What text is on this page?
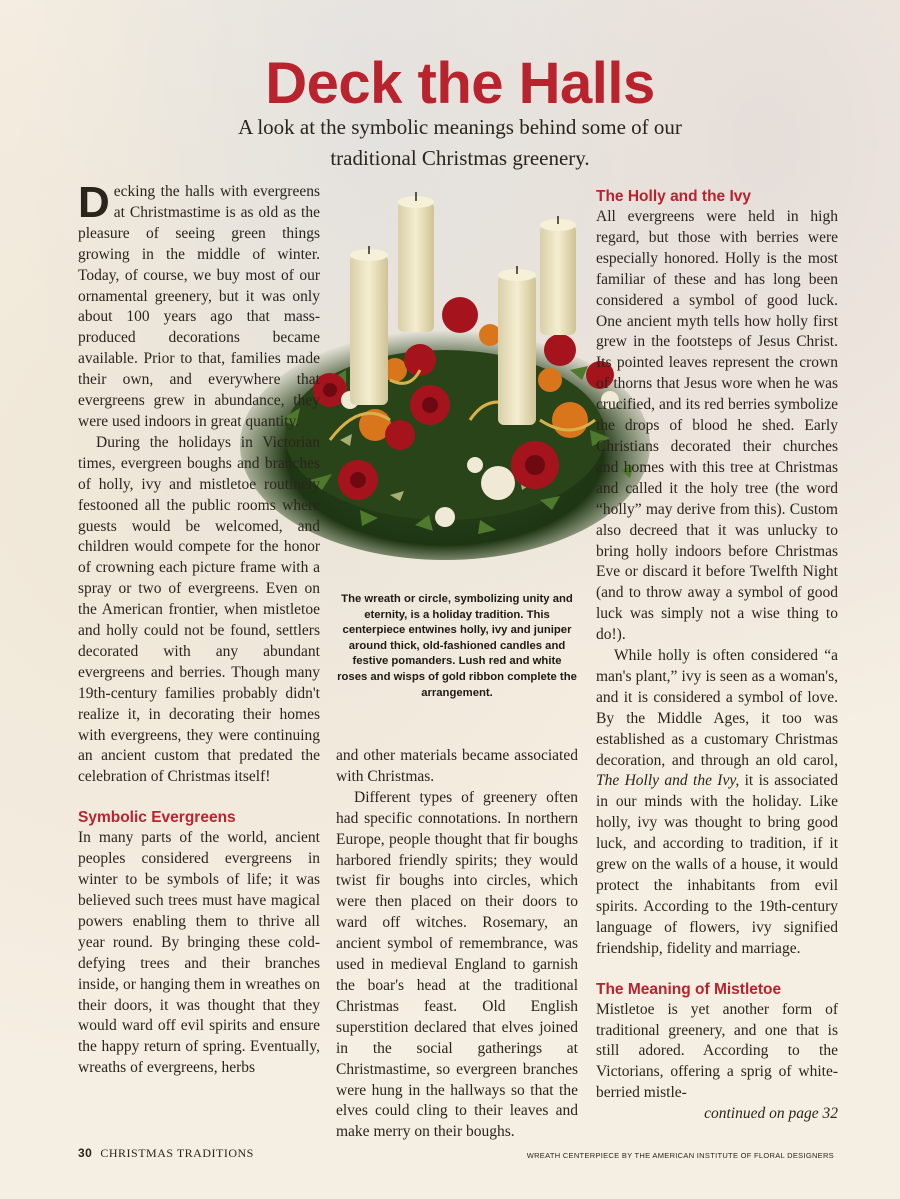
Deck the Halls

A look at the symbolic meanings behind some of our traditional Christmas greenery.

The wreath or circle, symbolizing unity and eternity, is a holiday tradition. This centerpiece entwines holly, ivy and juniper around thick, old-fashioned candles and festive pomanders. Lush red and white roses and wisps of gold ribbon complete the arrangement.

Decking the halls with evergreens at Christmastime is as old as the pleasure of seeing green things growing in the middle of winter. Today, of course, we buy most of our ornamental greenery, but it was only about 100 years ago that mass-produced decorations became available. Prior to that, families made their own, and everywhere that evergreens grew in abundance, they were used indoors in great quantity.

During the holidays in Victorian times, evergreen boughs and branches of holly, ivy and mistletoe routinely festooned all the public rooms where guests would be welcomed, and children would compete for the honor of crowning each picture frame with a spray or two of evergreens. Even on the American frontier, when mistletoe and holly could not be found, settlers decorated with any abundant evergreens and berries. Though many 19th-century families probably didn't realize it, in decorating their homes with evergreens, they were continuing an ancient custom that predated the celebration of Christmas itself!

Symbolic Evergreens

In many parts of the world, ancient peoples considered evergreens in winter to be symbols of life; it was believed such trees must have magical powers enabling them to thrive all year round. By bringing these cold-defying trees and their branches inside, or hanging them in wreathes on their doors, it was thought that they would ward off evil spirits and ensure the happy return of spring. Eventually, wreaths of evergreens, herbs

and other materials became associated with Christmas.

Different types of greenery often had specific connotations. In northern Europe, people thought that fir boughs harbored friendly spirits; they would twist fir boughs into circles, which were then placed on their doors to ward off witches. Rosemary, an ancient symbol of remembrance, was used in medieval England to garnish the boar's head at the traditional Christmas feast. Old English superstition declared that elves joined in the social gatherings at Christmastime, so evergreen branches were hung in the hallways so that the elves could cling to their leaves and make merry on their boughs.

The Holly and the Ivy

All evergreens were held in high regard, but those with berries were especially honored. Holly is the most familiar of these and has long been considered a symbol of good luck. One ancient myth tells how holly first grew in the footsteps of Jesus Christ. Its pointed leaves represent the crown of thorns that Jesus wore when he was crucified, and its red berries symbolize the drops of blood he shed. Early Christians decorated their churches and homes with this tree at Christmas and called it the holy tree (the word “holly” may derive from this). Custom also decreed that it was unlucky to bring holly indoors before Christmas Eve or discard it before Twelfth Night (and to throw away a symbol of good luck was simply not a wise thing to do!).

While holly is often considered “a man's plant,” ivy is seen as a woman's, and it is considered a symbol of love. By the Middle Ages, it too was established as a customary Christmas decoration, and through an old carol, The Holly and the Ivy, it is associated in our minds with the holiday. Like holly, ivy was thought to bring good luck, and according to tradition, if it grew on the walls of a house, it would protect the inhabitants from evil spirits. According to the 19th-century language of flowers, ivy signified friendship, fidelity and marriage.

The Meaning of Mistletoe

Mistletoe is yet another form of traditional greenery, and one that is still adored. According to the Victorians, offering a sprig of white-berried mistle-

continued on page 32

30 CHRISTMAS TRADITIONS	WREATH CENTERPIECE BY THE AMERICAN INSTITUTE OF FLORAL DESIGNERS
